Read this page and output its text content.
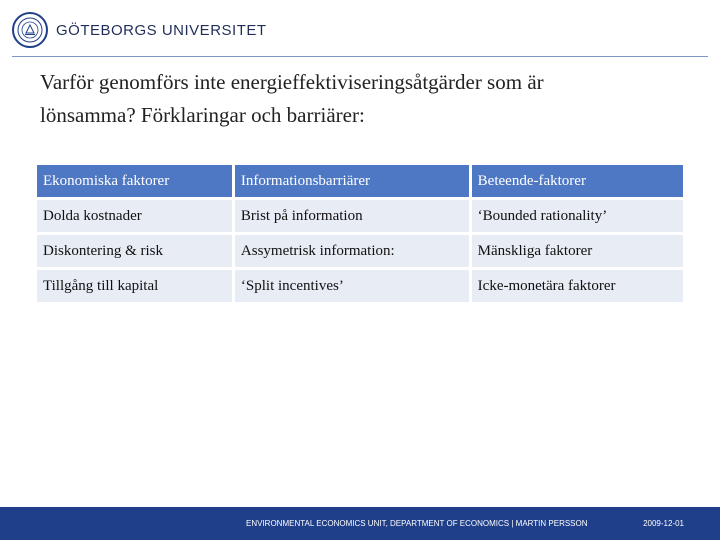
GÖTEBORGS UNIVERSITET
Varför genomförs inte energieffektiviseringsåtgärder som är
lönsamma? Förklaringar och barriärer:
Ekonomiska faktorer	Informationsbarriärer	Beteende-faktorer
Dolda kostnader	Brist på information	‘Bounded rationality’
Diskontering & risk	Assymetrisk information:	Mänskliga faktorer
Tillgång till kapital	‘Split incentives’	Icke-monetära faktorer
ENVIRONMENTAL ECONOMICS UNIT, DEPARTMENT OF ECONOMICS | MARTIN PERSSON	2009-12-01
